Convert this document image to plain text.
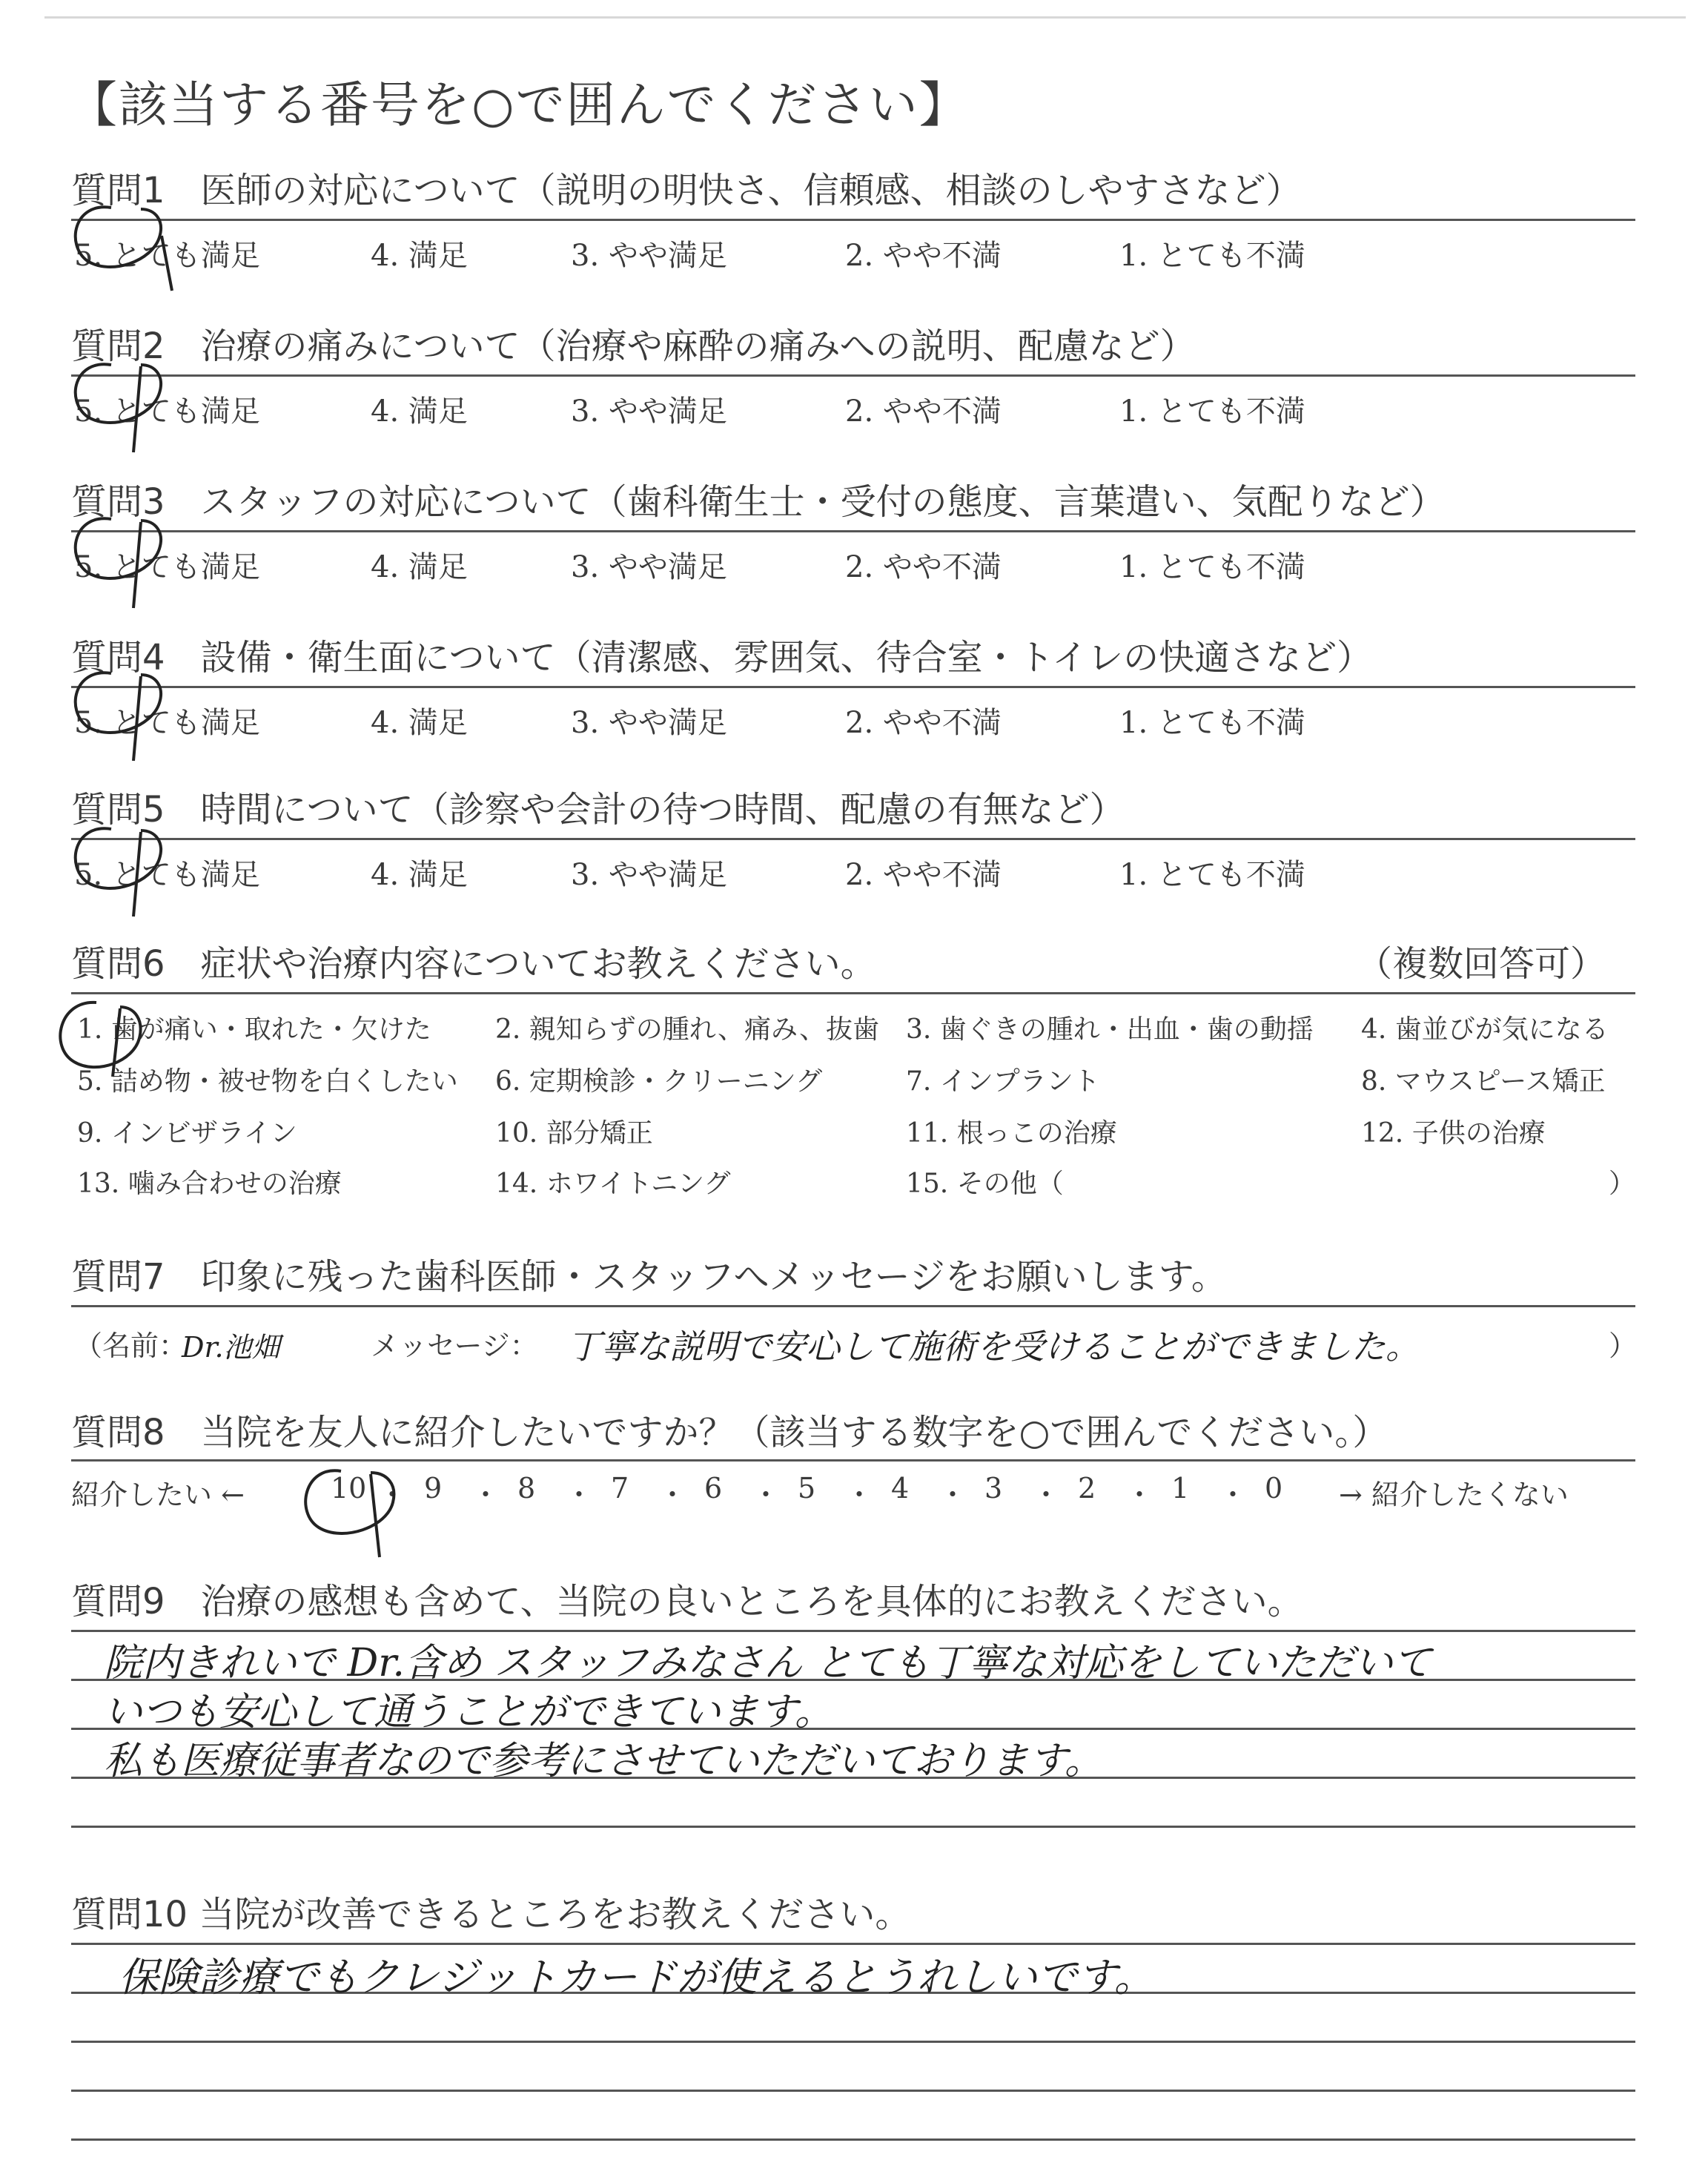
【該当する番号を○で囲んでください】
質問1　医師の対応について（説明の明快さ、信頼感、相談のしやすさなど）
5. とても満足	4. 満足	3. やや満足	2. やや不満	1. とても不満
質問2　治療の痛みについて（治療や麻酔の痛みへの説明、配慮など）
5. とても満足	4. 満足	3. やや満足	2. やや不満	1. とても不満
質問3　スタッフの対応について（歯科衛生士・受付の態度、言葉遣い、気配りなど）
5. とても満足	4. 満足	3. やや満足	2. やや不満	1. とても不満
質問4　設備・衛生面について（清潔感、雰囲気、待合室・トイレの快適さなど）
5. とても満足	4. 満足	3. やや満足	2. やや不満	1. とても不満
質問5　時間について（診察や会計の待つ時間、配慮の有無など）
5. とても満足	4. 満足	3. やや満足	2. やや不満	1. とても不満
質問6　症状や治療内容についてお教えください。	（複数回答可）
1. 歯が痛い・取れた・欠けた 2. 親知らずの腫れ、痛み、抜歯 3. 歯ぐきの腫れ・出血・歯の動揺 4. 歯並びが気になる
5. 詰め物・被せ物を白くしたい 6. 定期検診・クリーニング	7. インプラント	8. マウスピース矯正
9. インビザライン	10. 部分矯正	11. 根っこの治療	12. 子供の治療
13. 噛み合わせの治療	14. ホワイトニング	15. その他（	）
質問7　印象に残った歯科医師・スタッフへメッセージをお願いします。
（名前：
Dr.池畑	メッセージ： 丁寧な説明で安心して施術を受けることができました。	）
質問8　当院を友人に紹介したいですか？（該当する数字を○で囲んでください。）
紹介したい ←	→ 紹介したくない
10 ・ 9 ・ 8 ・ 7 ・ 6 ・ 5 ・ 4 ・ 3 ・ 2 ・ 1 ・ 0
質問9　治療の感想も含めて、当院の良いところを具体的にお教えください。
院内きれいで Dr.含め スタッフみなさん とても丁寧な対応をしていただいて
いつも安心して通うことができています。
私も医療従事者なので参考にさせていただいております。
質問10 当院が改善できるところをお教えください。
保険診療でもクレジットカードが使えるとうれしいです。
